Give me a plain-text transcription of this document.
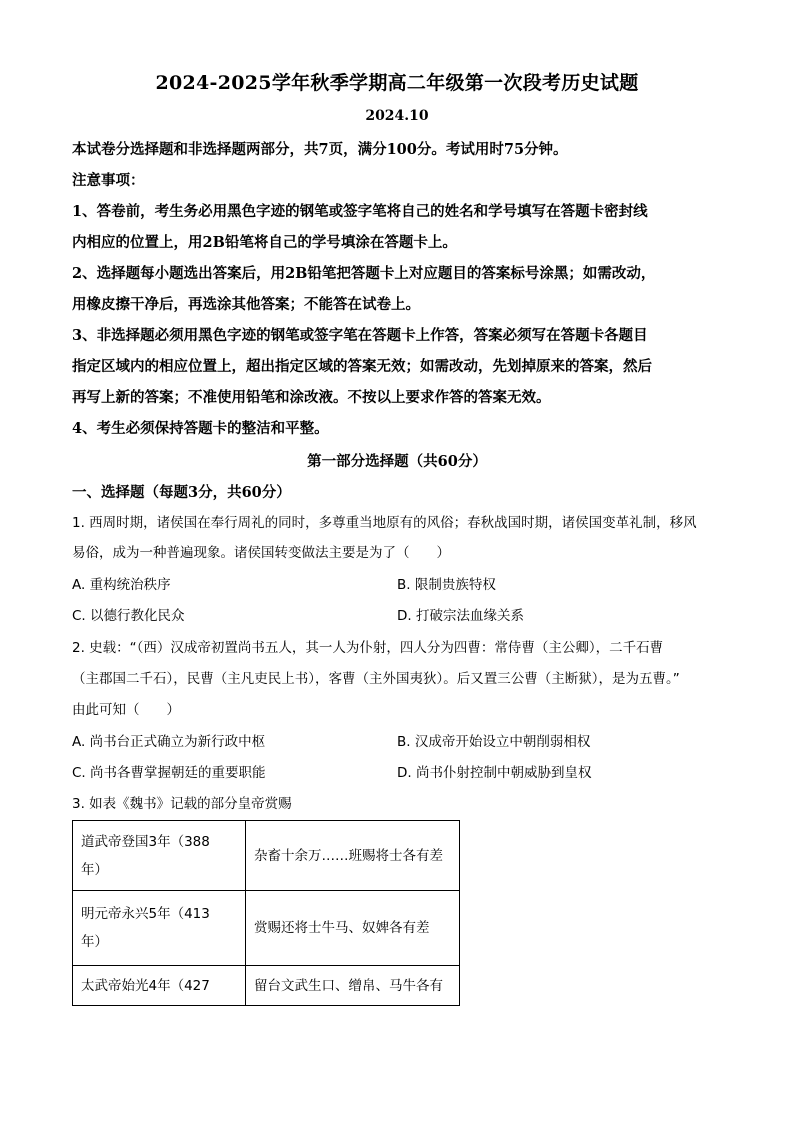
2024-2025学年秋季学期高二年级第一次段考历史试题
2024.10
本试卷分选择题和非选择题两部分，共7页，满分100分。考试用时75分钟。
注意事项：
1、答卷前，考生务必用黑色字迹的钢笔或签字笔将自己的姓名和学号填写在答题卡密封线
内相应的位置上，用2B铅笔将自己的学号填涂在答题卡上。
2、选择题每小题选出答案后，用2B铅笔把答题卡上对应题目的答案标号涂黑；如需改动，
用橡皮擦干净后，再选涂其他答案；不能答在试卷上。
3、非选择题必须用黑色字迹的钢笔或签字笔在答题卡上作答，答案必须写在答题卡各题目
指定区域内的相应位置上，超出指定区域的答案无效；如需改动，先划掉原来的答案，然后
再写上新的答案；不准使用铅笔和涂改液。不按以上要求作答的答案无效。
4、考生必须保持答题卡的整洁和平整。
第一部分选择题（共60分）
一、选择题（每题3分，共60分）
1. 西周时期，诸侯国在奉行周礼的同时，多尊重当地原有的风俗；春秋战国时期，诸侯国变革礼制，移风
易俗，成为一种普遍现象。诸侯国转变做法主要是为了（　　）
A. 重构统治秩序	B. 限制贵族特权
C. 以德行教化民众	D. 打破宗法血缘关系
2. 史载：“（西）汉成帝初置尚书五人，其一人为仆射，四人分为四曹：常侍曹（主公卿），二千石曹
（主郡国二千石），民曹（主凡吏民上书），客曹（主外国夷狄）。后又置三公曹（主断狱），是为五曹。”
由此可知（　　）
A. 尚书台正式确立为新行政中枢	B. 汉成帝开始设立中朝削弱相权
C. 尚书各曹掌握朝廷的重要职能	D. 尚书仆射控制中朝威胁到皇权
3. 如表《魏书》记载的部分皇帝赏赐
道武帝登国3年（388
年）	杂畜十余万……班赐将士各有差

明元帝永兴5年（413
年）	赏赐还将士牛马、奴婢各有差

太武帝始光4年（427	留台文武生口、缯帛、马牛各有
